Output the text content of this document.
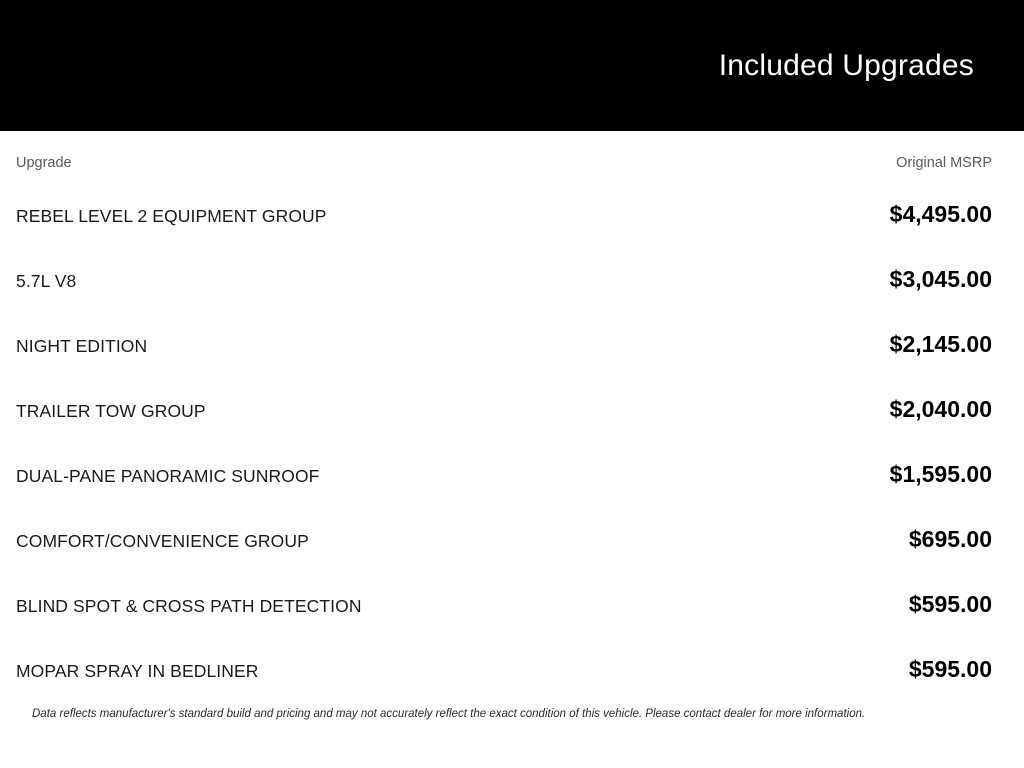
Included Upgrades
Upgrade	Original MSRP
REBEL LEVEL 2 EQUIPMENT GROUP	$4,495.00
5.7L V8	$3,045.00
NIGHT EDITION	$2,145.00
TRAILER TOW GROUP	$2,040.00
DUAL-PANE PANORAMIC SUNROOF	$1,595.00
COMFORT/CONVENIENCE GROUP	$695.00
BLIND SPOT & CROSS PATH DETECTION	$595.00
MOPAR SPRAY IN BEDLINER	$595.00
Data reflects manufacturer's standard build and pricing and may not accurately reflect the exact condition of this vehicle. Please contact dealer for more information.
